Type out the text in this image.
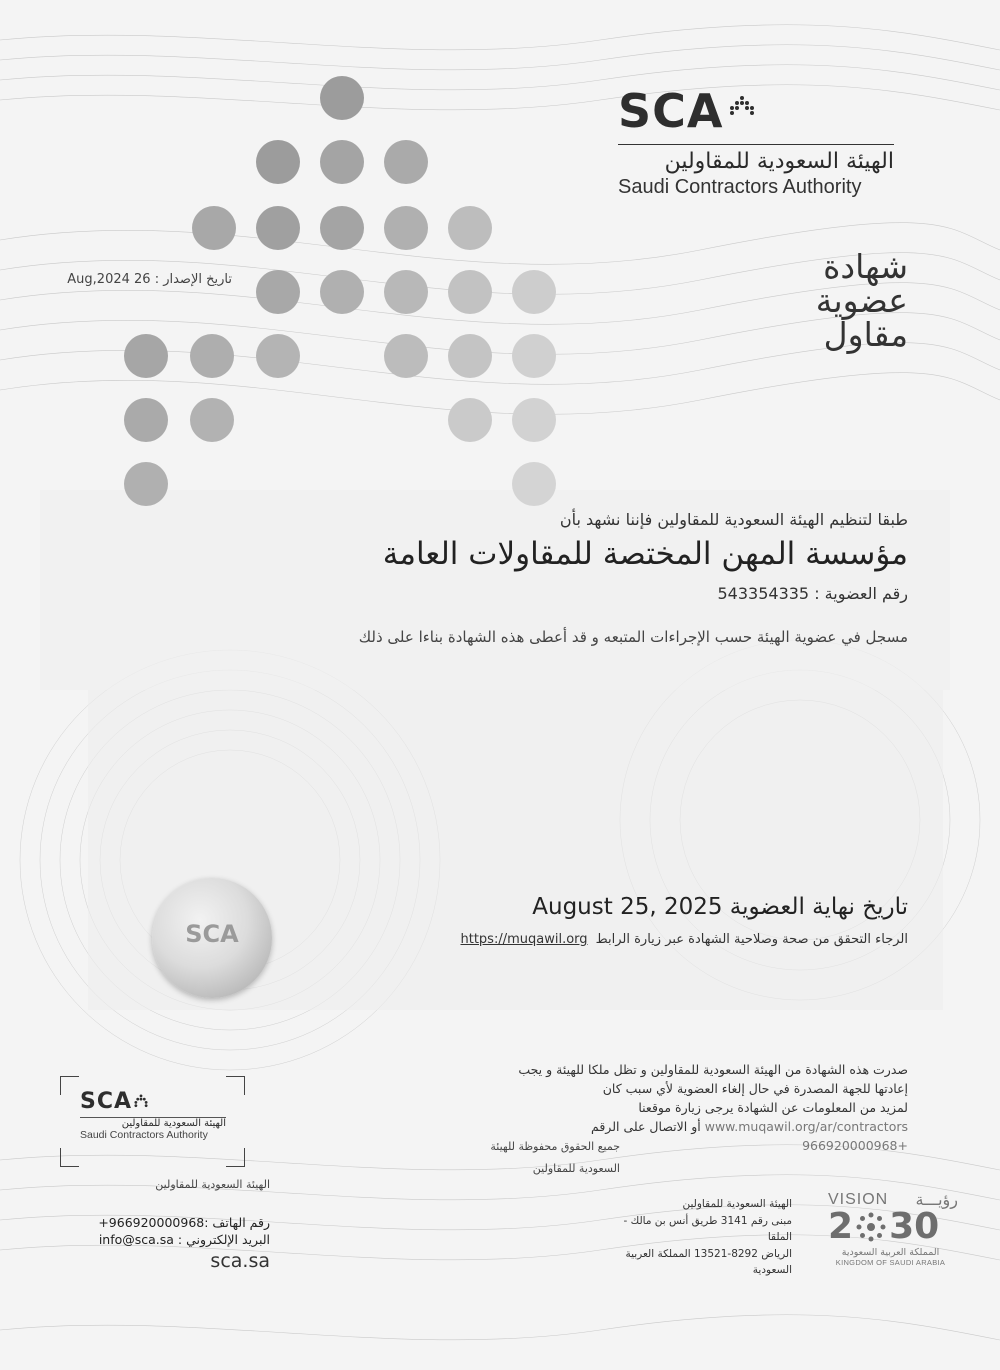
SCA
الهيئة السعودية للمقاولين
Saudi Contractors Authority
شهادة
عضوية
مقاول
تاريخ الإصدار : 26 Aug,2024
طبقا لتنظيم الهيئة السعودية للمقاولين فإننا نشهد بأن
مؤسسة المهن المختصة للمقاولات العامة
رقم العضوية : 543354335
مسجل في عضوية الهيئة حسب الإجراءات المتبعه و قد أعطى هذه الشهادة بناءا على ذلك
SCA
تاريخ نهاية العضوية August 25, 2025
الرجاء التحقق من صحة وصلاحية الشهادة عبر زيارة الرابط https://muqawil.org
صدرت هذه الشهادة من الهيئة السعودية للمقاولين و تظل ملكا للهيئة و يجب
إعادتها للجهة المصدرة في حال إلغاء العضوية لأي سبب كان
لمزيد من المعلومات عن الشهادة يرجى زيارة موقعنا
www.muqawil.org/ar/contractors أو الاتصال على الرقم +966920000968
جميع الحقوق محفوظة للهيئة
السعودية للمقاولين
SCA
الهيئة السعودية للمقاولين
Saudi Contractors Authority
الهيئة السعودية للمقاولين
رقم الهاتف :966920000968+
البريد الإلكتروني : info@sca.sa
sca.sa
الهيئة السعودية للمقاولين
مبنى رقم 3141 طريق أنس بن مالك -
الملقا
الرياض 8292-13521 المملكة العربية
السعودية
VISION رؤيـــة
2 30
المملكة العربية السعودية
KINGDOM OF SAUDI ARABIA
